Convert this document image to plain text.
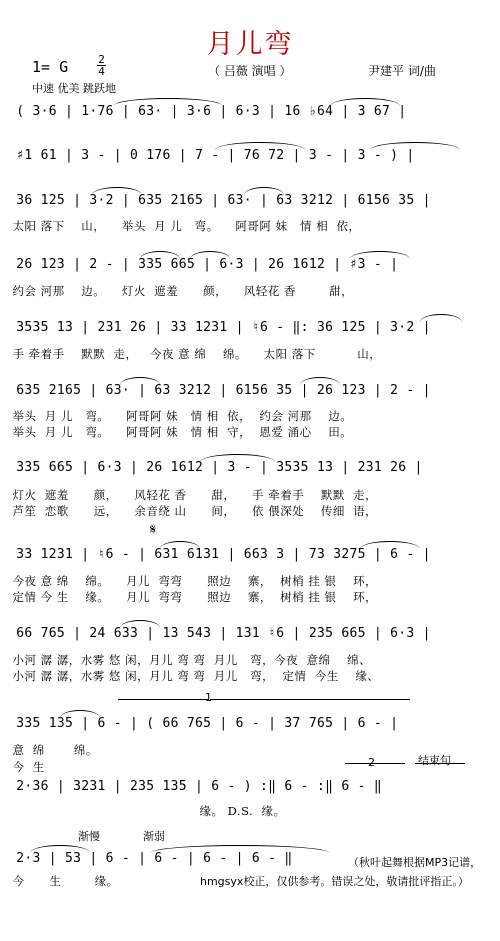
月儿弯
1= G	2
4	（ 吕薇 演唱 ）	尹建平 词/曲
中速 优美 跳跃地
( 3·6 | 1·76 | 63· | 3·6 | 6·3 | 16 ♭64 | 3 67 |
♯1 61 | 3 - | 0 176 | 7 - | 76 72 | 3 - | 3 - ) |
36 125 | 3·2 | 635 2165 | 63· | 63 3212 | 6156 35 |
26 123 | 2 - | 335 665 | 6·3 | 26 1612 | ♯3 - |
3535 13 | 231 26 | 33 1231 | ♮6 - ‖: 36 125 | 3·2 |
635 2165 | 63· | 63 3212 | 6156 35 | 26 123 | 2 - |
335 665 | 6·3 | 26 1612 | 3 - | 3535 13 | 231 26 |
33 1231 | ♮6 - | 631 6131 | 663 3 | 73 3275 | 6 - |
66 765 | 24 633 | 13 543 | 131 ♮6 | 235 665 | 6·3 |
335 135 | 6 - | ( 66 765 | 6 - | 37 765 | 6 - |
2·36 | 3231 | 235 135 | 6 - ) :‖ 6 - :‖ 6 - ‖
2·3 | 53 | 6 - | 6 - | 6 - | 6 - ‖
太阳 落下    山，    举头  月 儿   弯。    阿哥阿 妹   情 相  依，
约会 河那    边。    灯火  遮羞      颜，    风轻花 香        甜，
手 牵着手    默默  走，   今夜 意 绵    绵。    太阳 落下          山，
举头  月 儿   弯。    阿哥阿 妹   情 相  依，  约会 河那    边。
举头  月 儿   弯。    阿哥阿 妹   情 相  守，  恩爱 涌心    田。
灯火  遮羞      颜，    风轻花 香      甜，    手 牵着手    默默  走，
芦笙  恋歌      远，    余音绕 山      间，    依 偎深处    传细  语，
今夜 意 绵    绵。    月儿  弯弯      照边    寨，  树梢 挂 银    环，
定情 今 生    缘。    月儿  弯弯      照边    寨，  树梢 挂 银    环，
小河 潺 潺，水雾 悠 闲，月儿 弯 弯  月儿   弯，今夜  意绵    绵、
小河 潺 潺，水雾 悠 闲，月儿 弯 弯  月儿   弯，  定情  今生    缘、
意  绵       绵。
今  生
缘。 D.S.  缘。
今      生        缘。
1
2	结束句
𝄋
渐慢	渐弱
（秋叶起舞根据MP3记谱，
hmgsyx校正，仅供参考。错误之处，敬请批评指正。）
